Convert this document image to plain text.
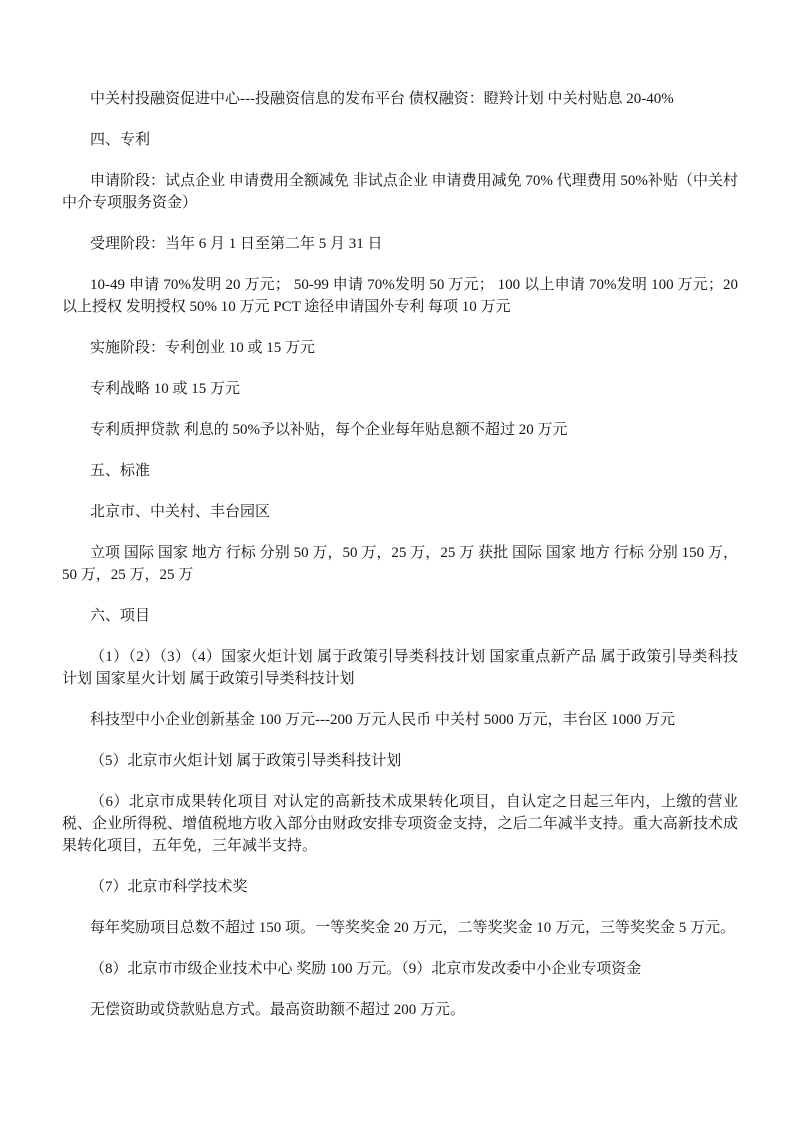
中关村投融资促进中心---投融资信息的发布平台 债权融资：瞪羚计划 中关村贴息 20-40%

四、专利

申请阶段：试点企业 申请费用全额减免 非试点企业 申请费用减免 70% 代理费用 50%补贴（中关村中介专项服务资金）

受理阶段：当年 6 月 1 日至第二年 5 月 31 日

10-49 申请 70%发明 20 万元； 50-99 申请 70%发明 50 万元； 100 以上申请 70%发明 100 万元；20 以上授权 发明授权 50% 10 万元 PCT 途径申请国外专利 每项 10 万元

实施阶段：专利创业 10 或 15 万元

专利战略 10 或 15 万元

专利质押贷款 利息的 50%予以补贴，每个企业每年贴息额不超过 20 万元

五、标准

北京市、中关村、丰台园区

立项 国际 国家 地方 行标 分别 50 万，50 万，25 万，25 万 获批 国际 国家 地方 行标 分别 150 万，50 万，25 万，25 万

六、项目

（1）（2）（3）（4）国家火炬计划 属于政策引导类科技计划 国家重点新产品 属于政策引导类科技计划 国家星火计划 属于政策引导类科技计划

科技型中小企业创新基金 100 万元---200 万元人民币 中关村 5000 万元，丰台区 1000 万元

（5）北京市火炬计划 属于政策引导类科技计划

（6）北京市成果转化项目 对认定的高新技术成果转化项目，自认定之日起三年内，上缴的营业税、企业所得税、增值税地方收入部分由财政安排专项资金支持，之后二年减半支持。重大高新技术成果转化项目，五年免，三年减半支持。

（7）北京市科学技术奖

每年奖励项目总数不超过 150 项。一等奖奖金 20 万元，二等奖奖金 10 万元，三等奖奖金 5 万元。

（8）北京市市级企业技术中心 奖励 100 万元。（9）北京市发改委中小企业专项资金

无偿资助或贷款贴息方式。最高资助额不超过 200 万元。
